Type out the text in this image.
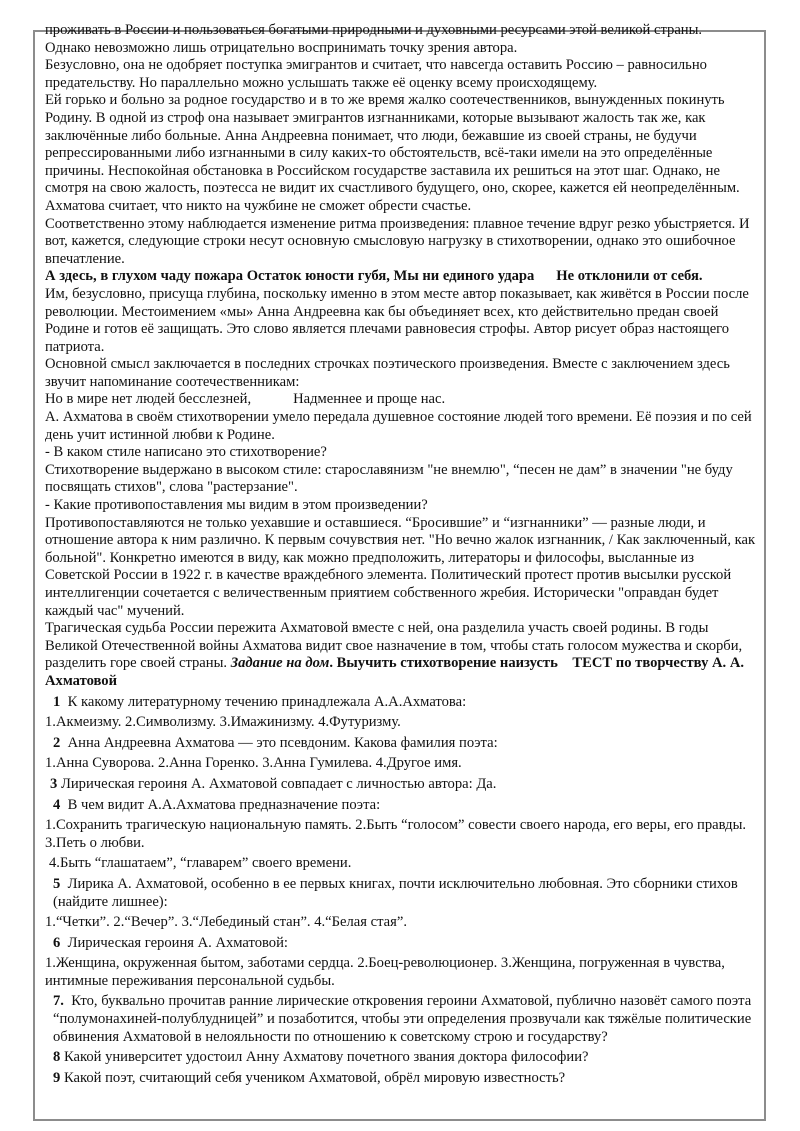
проживать в России и пользоваться богатыми природными и духовными ресурсами этой великой страны.

Однако невозможно лишь отрицательно воспринимать точку зрения автора.

Безусловно, она не одобряет поступка эмигрантов и считает, что навсегда оставить Россию – равносильно предательству. Но параллельно можно услышать также её оценку всему происходящему.

Ей горько и больно за родное государство и в то же время жалко соотечественников, вынужденных покинуть Родину. В одной из строф она называет эмигрантов изгнанниками, которые вызывают жалость так же, как заключённые либо больные. Анна Андреевна понимает, что люди, бежавшие из своей страны, не будучи репрессированными либо изгнанными в силу каких-то обстоятельств, всё-таки имели на это определённые причины. Неспокойная обстановка в Российском государстве заставила их решиться на этот шаг. Однако, не смотря на свою жалость, поэтесса не видит их счастливого будущего, оно, скорее, кажется ей неопределённым. Ахматова считает, что никто на чужбине не сможет обрести счастье.

Соответственно этому наблюдается изменение ритма произведения: плавное течение вдруг резко убыстряется. И вот, кажется, следующие строки несут основную смысловую нагрузку в стихотворении, однако это ошибочное впечатление.

А здесь, в глухом чаду пожара Остаток юности губя, Мы ни единого удара Не отклонили от себя.

Им, безусловно, присуща глубина, поскольку именно в этом месте автор показывает, как живётся в России после революции. Местоимением «мы» Анна Андреевна как бы объединяет всех, кто действительно предан своей Родине и готов её защищать. Это слово является плечами равновесия строфы. Автор рисует образ настоящего патриота.

Основной смысл заключается в последних строчках поэтического произведения. Вместе с заключением здесь звучит напоминание соотечественникам:

Но в мире нет людей бесслезней,	Надменнее и проще нас.

А. Ахматова в своём стихотворении умело передала душевное состояние людей того времени. Её поэзия и по сей день учит истинной любви к Родине.

- В каком стиле написано это стихотворение?

Стихотворение выдержано в высоком стиле: старославянизм "не внемлю", “песен не дам” в значении "не буду посвящать стихов", слова "растерзание".

- Какие противопоставления мы видим в этом произведении?

Противопоставляются не только уехавшие и оставшиеся. “Бросившие” и “изгнанники” — разные люди, и отношение автора к ним различно. К первым сочувствия нет. "Но вечно жалок изгнанник, / Как заключенный, как больной". Конкретно имеются в виду, как можно предположить, литераторы и философы, высланные из Советской России в 1922 г. в качестве враждебного элемента. Политический протест против высылки русской интеллигенции сочетается с величественным приятием собственного жребия. Исторически "оправдан будет каждый час" мучений.

Трагическая судьба России пережита Ахматовой вместе с ней, она разделила участь своей родины. В годы Великой Отечественной войны Ахматова видит свое назначение в том, чтобы стать голосом мужества и скорби, разделить горе своей страны. Задание на дом. Выучить стихотворение наизусть ТЕСТ по творчеству А. А. Ахматовой

1 К какому литературному течению принадлежала А.А.Ахматова:

1.Акмеизму. 2.Символизму. 3.Имажинизму. 4.Футуризму.

2 Анна Андреевна Ахматова — это псевдоним. Какова фамилия поэта:

1.Анна Суворова. 2.Анна Горенко. 3.Анна Гумилева. 4.Другое имя.

3 Лирическая героиня А. Ахматовой совпадает с личностью автора: Да.

4 В чем видит А.А.Ахматова предназначение поэта:

1.Сохранить трагическую национальную память. 2.Быть “голосом” совести своего народа, его веры, его правды. 3.Петь о любви.

4.Быть “глашатаем”, “главарем” своего времени.

5 Лирика А. Ахматовой, особенно в ее первых книгах, почти исключительно любовная. Это сборники стихов (найдите лишнее):

1.“Четки”. 2.“Вечер”. 3.“Лебединый стан”. 4.“Белая стая”.

6 Лирическая героиня А. Ахматовой:

1.Женщина, окруженная бытом, заботами сердца. 2.Боец-революционер. 3.Женщина, погруженная в чувства, интимные переживания персональной судьбы.

7. Кто, буквально прочитав ранние лирические откровения героини Ахматовой, публично назовёт самого поэта “полумонахиней-полублудницей” и позаботится, чтобы эти определения прозвучали как тяжёлые политические обвинения Ахматовой в нелояльности по отношению к советскому строю и государству?

8 Какой университет удостоил Анну Ахматову почетного звания доктора философии?

9 Какой поэт, считающий себя учеником Ахматовой, обрёл мировую известность?
